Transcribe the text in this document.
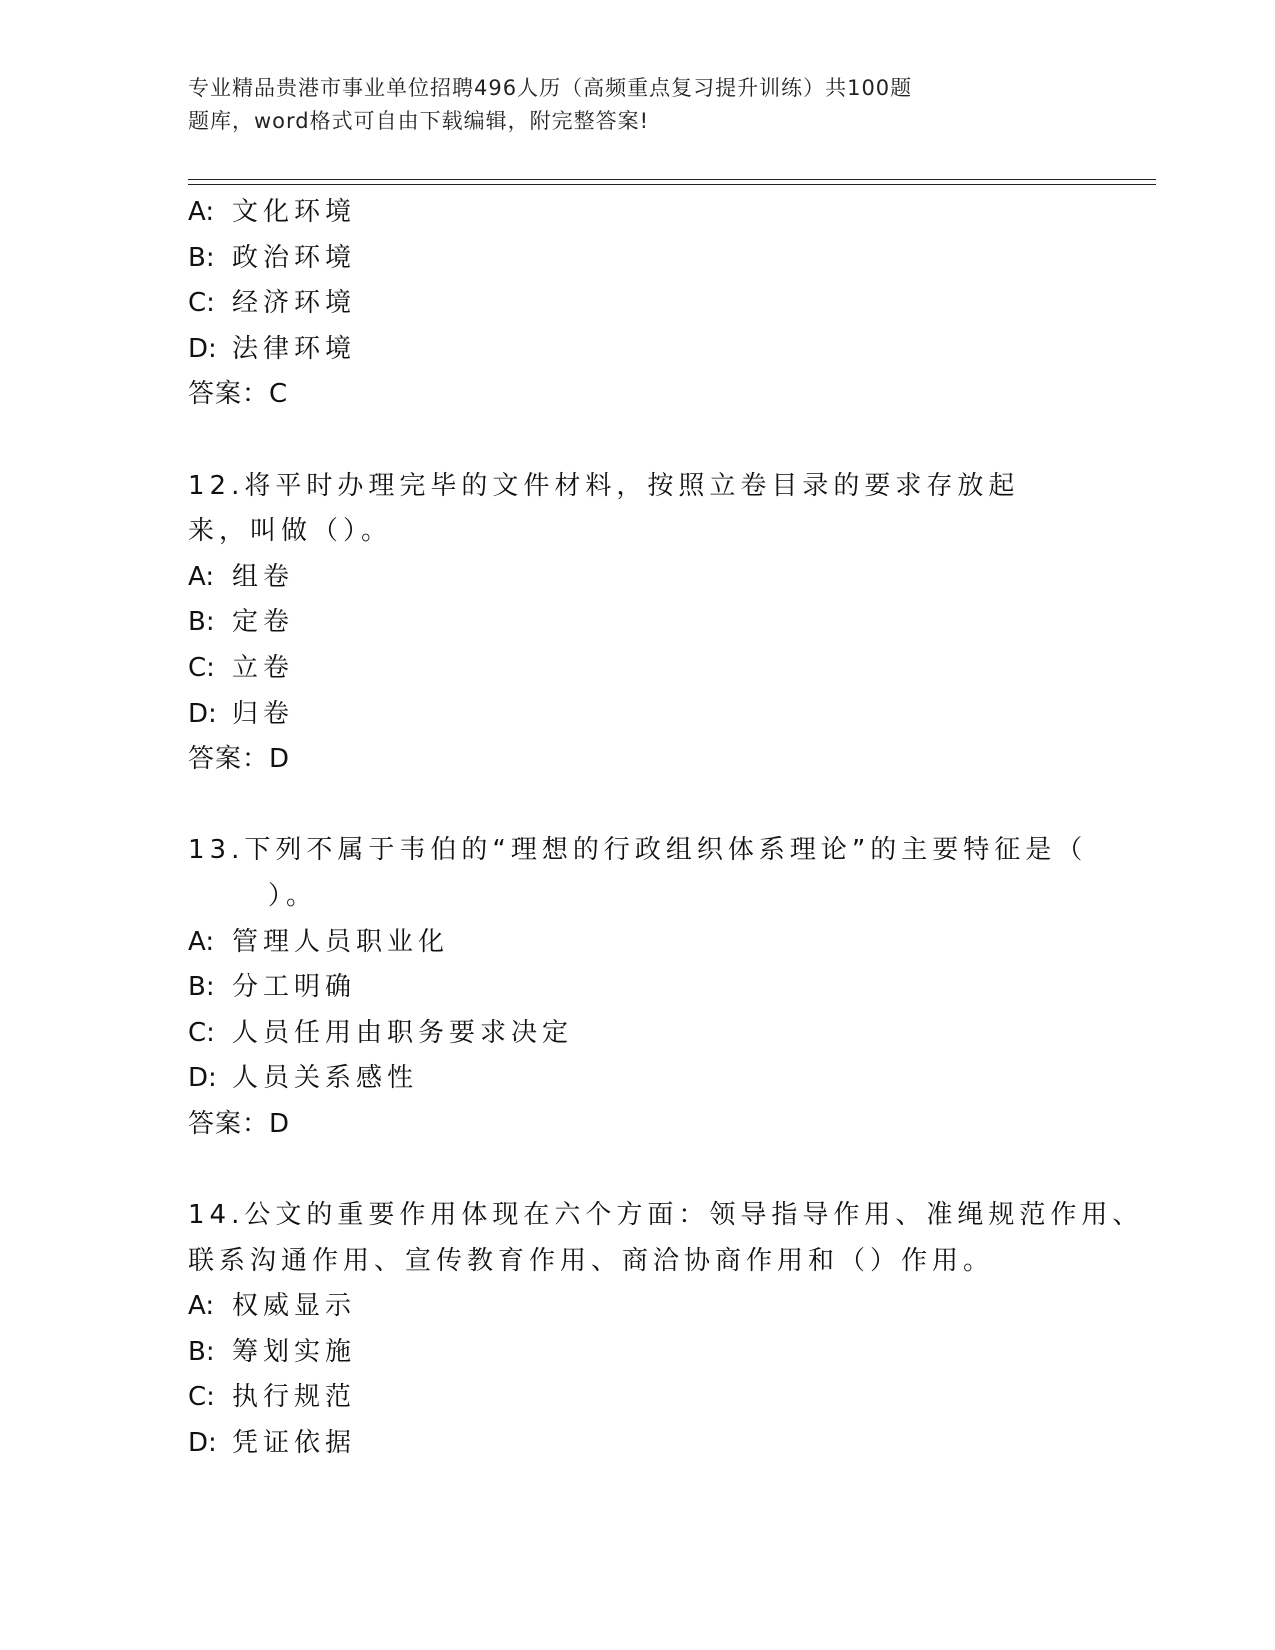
专业精品贵港市事业单位招聘496人历（高频重点复习提升训练）共100题
题库，word格式可自由下载编辑，附完整答案!
A: 文化环境
B: 政治环境
C: 经济环境
D: 法律环境
答案：C
12.将平时办理完毕的文件材料，按照立卷目录的要求存放起来，叫做（）。
A: 组卷
B: 定卷
C: 立卷
D: 归卷
答案：D
13.下列不属于韦伯的“理想的行政组织体系理论”的主要特征是（
）。
A: 管理人员职业化
B: 分工明确
C: 人员任用由职务要求决定
D: 人员关系感性
答案：D
14.公文的重要作用体现在六个方面：领导指导作用、准绳规范作用、
联系沟通作用、宣传教育作用、商洽协商作用和（）作用。
A: 权威显示
B: 筹划实施
C: 执行规范
D: 凭证依据
